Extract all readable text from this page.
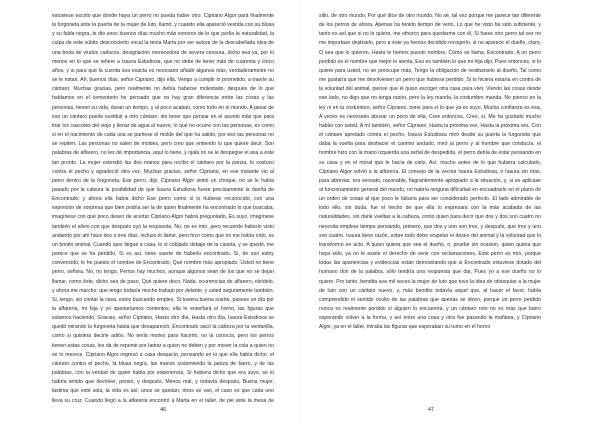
estuviese escrito que donde haya un perro no pueda haber otro. Cipriano Algor pará finalmente la furgoneta ante la puerta de la mujer de luto, llamó, y cuando ella apareció vestida con su blusa y su falda negra, le dio unos buenos días mucho más sonoros de lo que pedía la naturalidad, la culpa de este súbito desconcierto vocal la tenía Marta por ser autora de la descabellada idea de una boda de viudos caducos, designación merecedora de severa censura, dicho sea ya, por lo menos en lo que se refiere a Isaura Estudiosa, que no debe de tener más de cuarenta y cinco años, y si para que la cuenta sea exacta es necesario añadir algunos más, verdaderamente no se le notan. Ah, buenos días, señor Cipriano, dijo ella, Vengo a cumplir lo prometido, a traerle su cántaro, Muchas gracias, pero realmente no debía haberse molestado, después de lo que hablamos en el cementerio he pensado que no hay gran diferencia entre las cosas y las personas, tienen su vida, duran un tiempo, y al poco acaban, como todo en el mundo, A pesar de eso un cántaro puede sustituir a otro cántaro, sin tener que pensar en el asunto más que para tirar los cascotes del viejo y llenar de agua el nuevo, lo que no ocurre con las personas, es como si en el nacimiento de cada una se partiese el molde del que ha salido, por eso las personas no se repiten, Las personas no salen de moldes, pero creo que entiendo lo que quiere decir, Son palabras de alfarero, no les dé importancia, aquí lo tiene, y ojalá no se le despegue el asa a éste tan pronto. La mujer extendió las dos manos para recibir el cántaro por la panza, lo sostuvo contra el pecho y agradeció otra vez, Muchas gracias, señor Cipriano, en ese instante vio al perro dentro de la furgoneta, Ese perro, dijo. Cipriano Algor sintió un choque, no se le había pasado por la cabeza la posibilidad de que Isaura Estudiosa fuese precisamente la dueña de Encontrado, y ahora ella había dicho Ese perro como si lo hubiese reconocido, con una expresión de sorpresa que bien podría ser la de quien finalmente ha encontrado lo que buscaba, imagínese con qué poco deseo de acertar Cipriano Algor habrá preguntado, Es suyo, imagínese también el alivio con que después oyó la respuesta, No, no es mío, pero recuerdo haberlo visto andando por ahí hace dos o tres días, incluso lo llamé, pero hizo como que no me había oído, es un bonito animal, Cuando ayer llegué a casa, lo vi cobijado debajo de la caseta, y se quedó, me parece que se ha perdido, Si es así, tiene suerte de haberlo encontrado, Sí, de eso estoy convencido, le he puesto el nombre de Encontrado, Qué nombre más apropiado, Usted no tiene perro, señora, No, no tengo, Perros hay muchos, aunque algunos sean de los que no se dejan llamar, como éste, dicho sea de paso, Qué quiere decir, Nada, ocurrencias de alfarero, olvídelo, y ahora me marcho, que tengo todavía mucho trabajo por delante, y usted seguramente también, Sí, tengo, sin contar la casa, estoy buscando empleo, Si tuviera buena suerte, pásese un día por la alfarería, mi hija y yo quedaríamos contentos, ella le enseñará el horno, las figuras que estamos haciendo, Gracias, señor Cipriano, Hasta otro día, Hasta otro día, Isaura Estudiosa se quedó mirando la furgoneta hasta que desapareció. Encontrado sacó la cabeza por la ventanilla, como si quisiera decirle adiós. No tenía motivo para hacerlo, no la conocía, pero los perros tienen estas cosas, les da de repente por ladrar a quien no deben y por mover la cola a quien no se lo merece. Cipriano Algor regresó a casa despacio, pensando en lo que ella había dicho, el cántaro contra el pecho, la blusa negra, las manos sosteniendo la panza de barro, y de las palabras, con la verdad de quien habla por experiencia, Si hubiera dicho que era suyo, se lo habría tenido que devolver, pensó, y después, Menos mal, y todavía después, Buena mujer, lástima que esté sola, la vida es así, unos se quedan, otros se van, el caso es que cada uno lleva su cruz. Cuando llegó a la alfarería encontró a Marta en el taller, de pie ante la mesa de

46

sitio, de otro mundo, Por qué dice de otro mundo, No sé, tal vez porque me parece tan diferente de los perros de ahora, Apenas ha tenido tiempo de verlo, Lo que he visto ha sido suficiente, y tanto es así que si no lo quiere, me ofrezco para quedarme con él, Si fuese otro perro tal vez no me importase dejárselo, pero a éste ya hemos decidido recogerlo, si no aparece el dueño, claro, O sea que lo quieren, Hasta le hemos puesto nombre, Cómo se llama, Encontrado, A un perro perdido es el nombre que mejor le sienta, Eso es también lo que mi hija dijo, Pues entonces, si lo quiere para usted, no se preocupe más, Tengo la obligación de restituirselo al dueño, Tal como me gustaría que me devolviesen un perro que hubiese perdido, Si lo hiciera estaría en contra de la voluntad del animal, piense que él quiso escoger otra casa para vivir, Viendo las cosas desde ese lado, no digo que no tenga razón, pero la ley manda, la costumbre manda, No pienso en la ley ni en la costumbre, señor Cipriano, tome para sí lo que ya es suyo, Mucha confianza es ésa, A veces es necesario abusar un poco de ella, Cree entonces, Creo, sí, Me ha gustado mucho hablar con usted, A mí también, señor Cipriano, Hasta la próxima vez, Hasta la próxima vez. Con el cántaro apretado contra el pecho, Isaura Estudiosa miró desde su puerta la furgoneta que daba la vuelta para deshacer el camino andado, miró al perro y al hombre que conducía, el hombre hizo con la mano izquierda una señal de despedida, el perro debía de estar pensando en su casa y en el moral que le hacía de cielo. Así, mucho antes de lo que hubiera calculado, Cipriano Algor volvió a la alfarería. El consejo de la vecina Isaura Estudiosa, o Isaura sin más, para abreviar, era sensato, razonable, flagrantemente apropiado a la situación, y, si se aplicase al funcionamiento general del mundo, no habría ninguna dificultad en encuadrarlo en el plano de un orden de cosas al que poco le faltaría para ser considerado perfecto. El lado admirable de todo ello, sin duda, fue el hecho de que ella lo expresara con la más acabada de las naturalidades, sin darle vueltas a la cabeza, como quien para decir que dos y dos son cuatro no necesita emplear tiempo pensando, primero, que dos y uno son tres, y después, que tres y uno son cuatro. Isaura tiene razón, sobre todo debe respetar el deseo del animal y la voluntad que lo transformó en acto. A quien quiera que sea el dueño, o, pruebe sin ocasión, quien quiera que haya sido, ya no le asiste el derecho de venir con reclamaciones, Este perro es mío, porque todas las apariencias y evidencias están demostrando que si Encontrado estuviese dotado del humano don de la palabra, sólo tendría una respuesta que dar, Pues yo a ese dueño no lo quiero. Por tanto, bendita sea mil veces la mujer de luto que tuvo la idea de obsequiar a la mujer de luto con un cántaro nuevo, y, más bendito todavía aquel que, al hacer el favor, había comprendido el sentido oculto de las palabras que apenas se dicen, porque un perro perdido nunca es realmente perdido si alguien lo encuentra, y un cántaro roto no es más que barro esperando volver a la forma, y así entre una cosa y otra fue pasando la mañana, y Cipriano Algor, ya en el taller, miraba las figuras que esperaban su turno en el horno

47
